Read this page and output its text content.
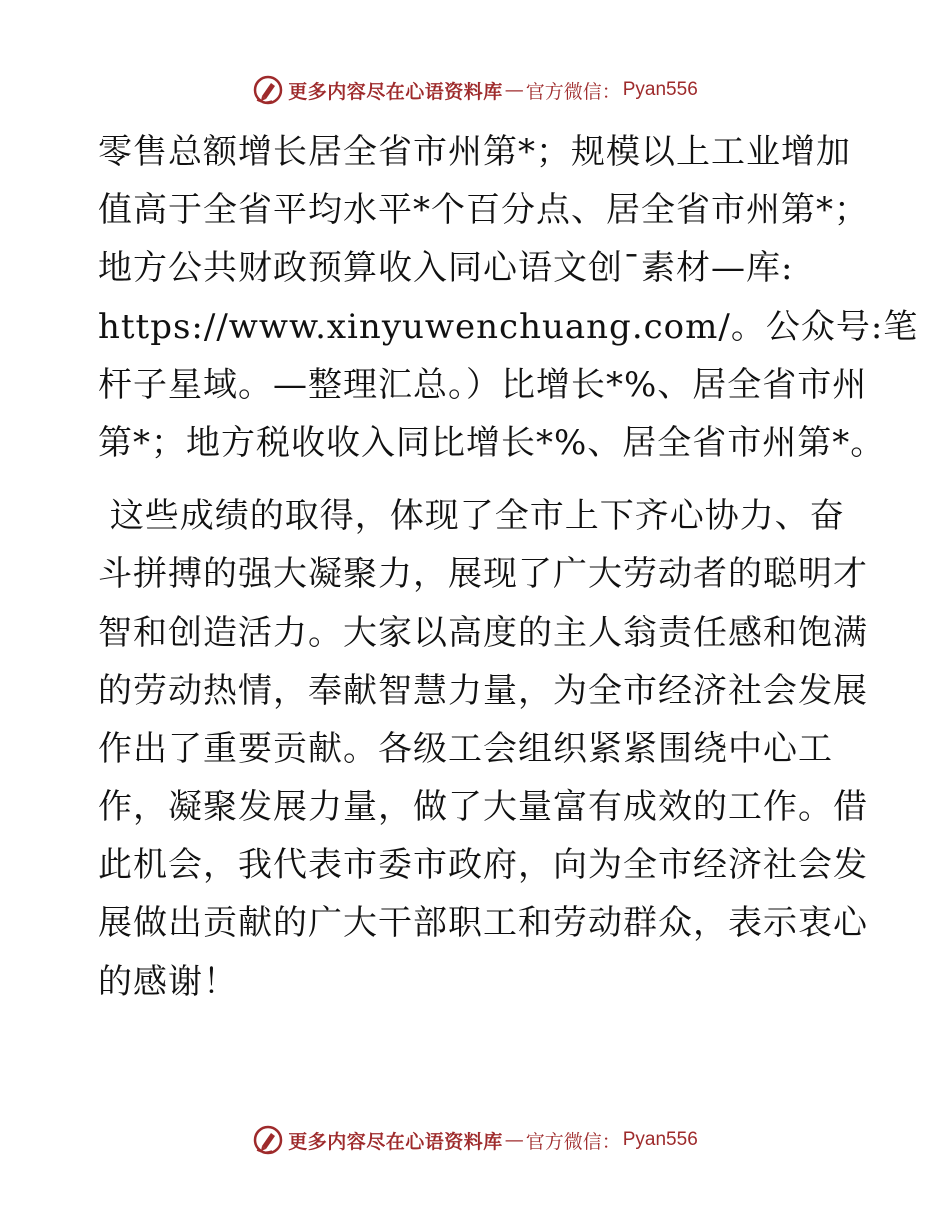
更多内容尽在心语资料库 — 官方微信： Pyan556
零售总额增长居全省市州第*；规模以上工业增加
值高于全省平均水平*个百分点、居全省市州第*；
地方公共财政预算收入同心语文创¯素材—库:
https://www.xinyuwenchuang.com/。公众号:笔
杆子星域。—整理汇总。）比增长*%、居全省市州
第*；地方税收收入同比增长*%、居全省市州第*。
这些成绩的取得，体现了全市上下齐心协力、奋
斗拼搏的强大凝聚力，展现了广大劳动者的聪明才
智和创造活力。大家以高度的主人翁责任感和饱满
的劳动热情，奉献智慧力量，为全市经济社会发展
作出了重要贡献。各级工会组织紧紧围绕中心工
作，凝聚发展力量，做了大量富有成效的工作。借
此机会，我代表市委市政府，向为全市经济社会发
展做出贡献的广大干部职工和劳动群众，表示衷心
的感谢！
更多内容尽在心语资料库 — 官方微信： Pyan556
